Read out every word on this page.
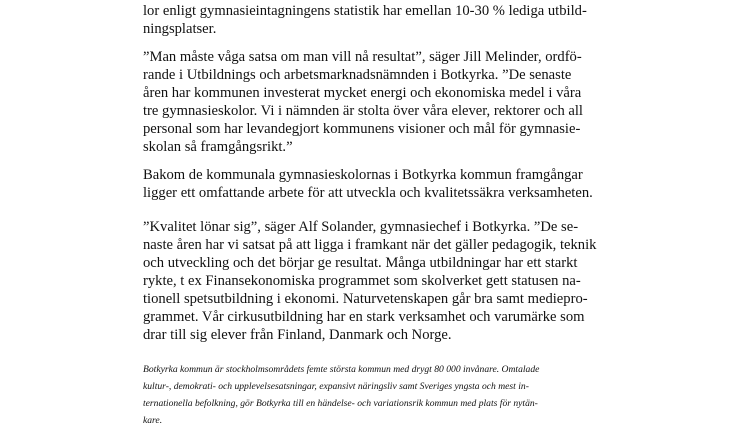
lor enligt gymnasieintagningens statistik har emellan 10-30 % lediga utbild-
ningsplatser.
”Man måste våga satsa om man vill nå resultat”, säger Jill Melinder, ordfö-
rande i Utbildnings och arbetsmarknadsnämnden i Botkyrka. ”De senaste
åren har kommunen investerat mycket energi och ekonomiska medel i våra
tre gymnasieskolor. Vi i nämnden är stolta över våra elever, rektorer och all
personal som har levandegjort kommunens visioner och mål för gymnasie-
skolan så framgångsrikt.”
Bakom de kommunala gymnasieskolornas i Botkyrka kommun framgångar
ligger ett omfattande arbete för att utveckla och kvalitetssäkra verksamheten.
”Kvalitet lönar sig”, säger Alf Solander, gymnasiechef i Botkyrka. ”De se-
naste åren har vi satsat på att ligga i framkant när det gäller pedagogik, teknik
och utveckling och det börjar ge resultat. Många utbildningar har ett starkt
rykte, t ex Finansekonomiska programmet som skolverket gett statusen na-
tionell spetsutbildning i ekonomi. Naturvetenskapen går bra samt mediepro-
grammet. Vår cirkusutbildning har en stark verksamhet och varumärke som
drar till sig elever från Finland, Danmark och Norge.
Botkyrka kommun är stockholmsområdets femte största kommun med drygt 80 000 invånare. Omtalade
kultur-, demokrati- och upplevelsesatsningar, expansivt näringsliv samt Sveriges yngsta och mest in-
ternationella befolkning, gör Botkyrka till en händelse- och variationsrik kommun med plats för nytän-
kare.
